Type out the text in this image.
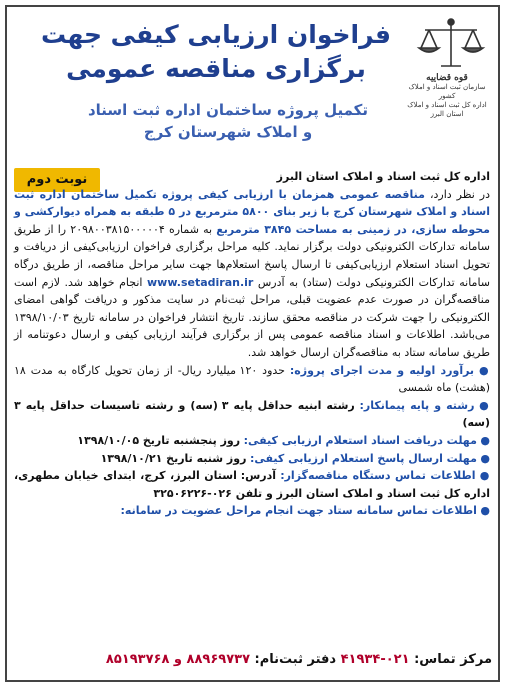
قوه قضاییه
سازمان ثبت اسناد و املاک کشور
اداره کل ثبت اسناد و املاک استان البرز
فراخوان ارزیابی کیفی جهت
برگزاری مناقصه عمومی
تکمیل پروژه ساختمان اداره ثبت اسناد
و املاک شهرستان کرج
نوبت دوم	اداره کل ثبت اسناد و املاک استان البرز

در نظر دارد، مناقصه عمومی همزمان با ارزیابی کیفی پروژه تکمیل ساختمان اداره ثبت اسناد و املاک شهرستان کرج با زیر بنای ۵۸۰۰ مترمربع در ۵ طبقه به همراه دیوارکشی و محوطه سازی، در زمینی به مساحت ۳۸۴۵ مترمربع به شماره ۲۰۹۸۰۰۳۸۱۵۰۰۰۰۰۴ را از طریق سامانه تدارکات الکترونیکی دولت برگزار نماید. کلیه مراحل برگزاری فراخوان ارزیابی‌کیفی از دریافت و تحویل اسناد استعلام ارزیابی‌کیفی تا ارسال پاسخ استعلام‌ها جهت سایر مراحل مناقصه، از طریق درگاه سامانه تدارکات الکترونیکی دولت (ستاد) به آدرس www.setadiran.ir انجام خواهد شد. لازم است مناقصه‌گران در صورت عدم عضویت قبلی، مراحل ثبت‌نام در سایت مذکور و دریافت گواهی امضای الکترونیکی را جهت شرکت در مناقصه محقق سازند. تاریخ انتشار فراخوان در سامانه تاریخ ۱۳۹۸/۱۰/۰۳ می‌باشد. اطلاعات و اسناد مناقصه عمومی پس از برگزاری فرآیند ارزیابی کیفی و ارسال دعوتنامه از طریق سامانه ستاد به مناقصه‌گران ارسال خواهد شد.

● برآورد اولیه و مدت اجرای پروژه: حدود ۱۲۰ میلیارد ریال- از زمان تحویل کارگاه به مدت ۱۸ (هشت) ماه شمسی

● رشته و پایه پیمانکار: رشته ابنیه حداقل پایه ۳ (سه) و رشته تاسیسات حداقل پایه ۳ (سه)

● مهلت دریافت اسناد استعلام ارزیابی کیفی: روز پنجشنبه تاریخ ۱۳۹۸/۱۰/۰۵

● مهلت ارسال پاسخ استعلام ارزیابی کیفی: روز شنبه تاریخ ۱۳۹۸/۱۰/۲۱

● اطلاعات تماس دستگاه مناقصه‌گزار: آدرس: استان البرز، کرج، ابتدای خیابان مطهری، اداره کل ثبت اسناد و املاک استان البرز و تلفن ۰۲۶-۳۲۵۰۶۲۲۶

● اطلاعات تماس سامانه ستاد جهت انجام مراحل عضویت در سامانه:

مرکز تماس: ۰۲۱-۴۱۹۳۴ دفتر ثبت‌نام: ۸۸۹۶۹۷۳۷ و ۸۵۱۹۳۷۶۸
